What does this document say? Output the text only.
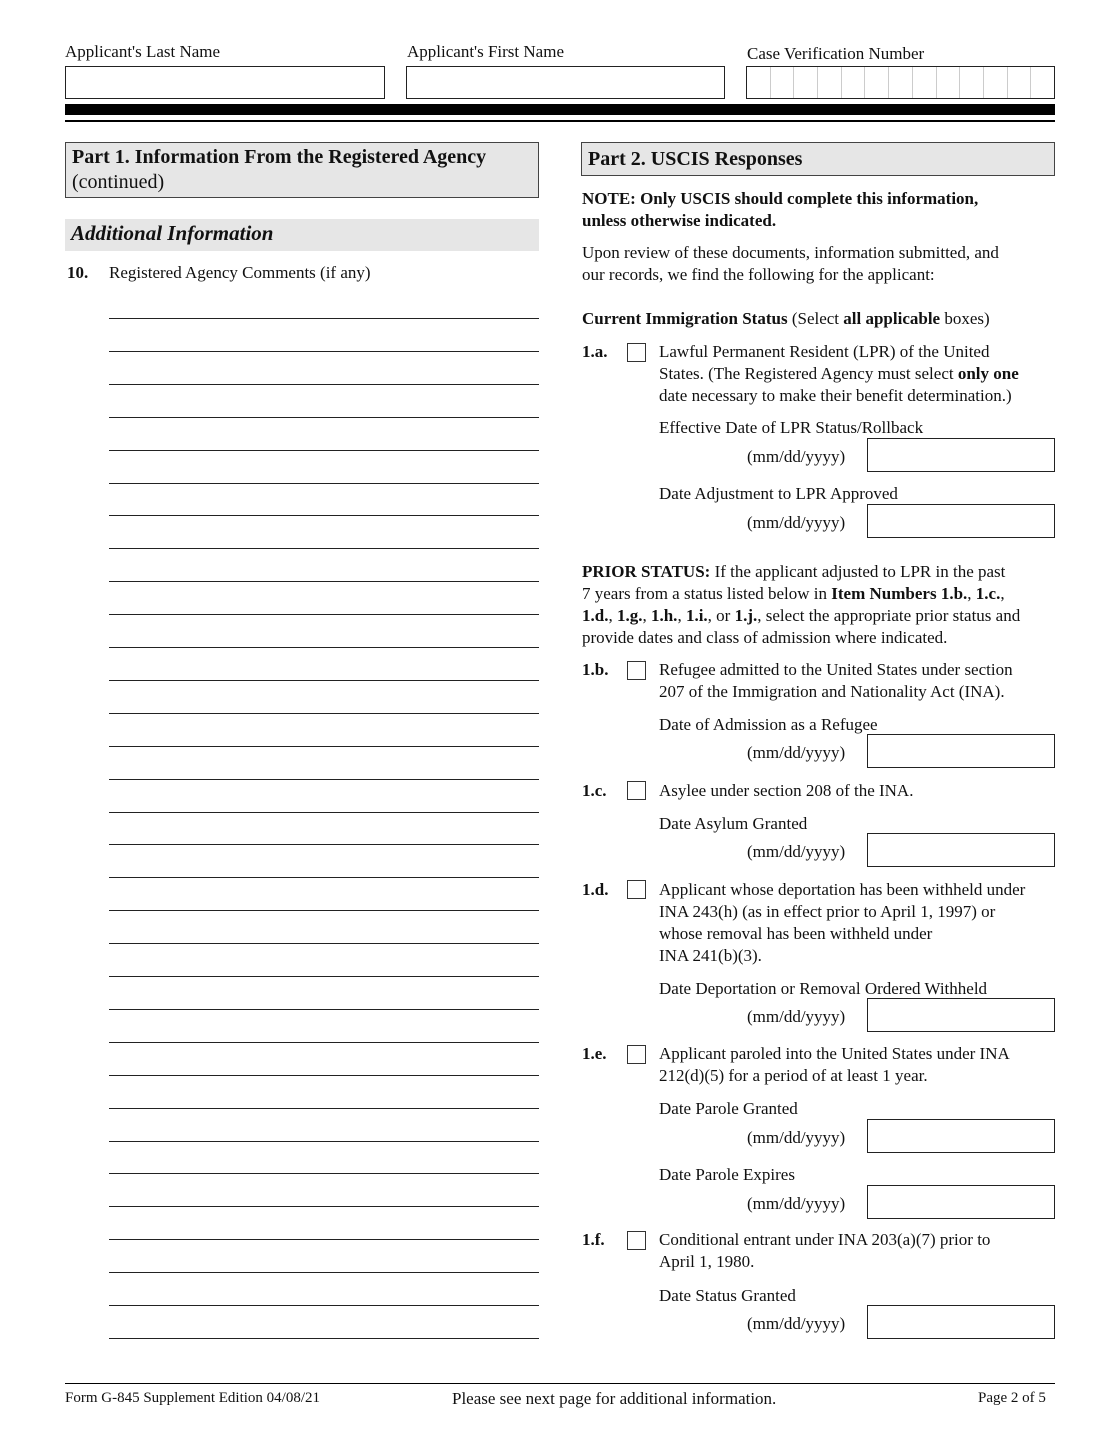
Applicant's Last Name	Applicant's First Name	Case Verification Number
Part 1. Information From the Registered Agency
(continued)
Additional Information
10. Registered Agency Comments (if any)
Part 2. USCIS Responses
NOTE: Only USCIS should complete this information, unless otherwise indicated.
Upon review of these documents, information submitted, and
our records, we find the following for the applicant:
Current Immigration Status (Select all applicable boxes)
1.a.	Lawful Permanent Resident (LPR) of the United
States. (The Registered Agency must select only one
date necessary to make their benefit determination.)
Effective Date of LPR Status/Rollback
(mm/dd/yyyy)
Date Adjustment to LPR Approved
(mm/dd/yyyy)
PRIOR STATUS: If the applicant adjusted to LPR in the past
7 years from a status listed below in Item Numbers 1.b., 1.c.,
1.d., 1.g., 1.h., 1.i., or 1.j., select the appropriate prior status and
provide dates and class of admission where indicated.
1.b.	Refugee admitted to the United States under section
207 of the Immigration and Nationality Act (INA).
Date of Admission as a Refugee
(mm/dd/yyyy)
1.c.	Asylee under section 208 of the INA.
Date Asylum Granted
(mm/dd/yyyy)
1.d.	Applicant whose deportation has been withheld under
INA 243(h) (as in effect prior to April 1, 1997) or
whose removal has been withheld under
INA 241(b)(3).
Date Deportation or Removal Ordered Withheld
(mm/dd/yyyy)
1.e.	Applicant paroled into the United States under INA
212(d)(5) for a period of at least 1 year.
Date Parole Granted
(mm/dd/yyyy)
Date Parole Expires
(mm/dd/yyyy)
1.f.	Conditional entrant under INA 203(a)(7) prior to
April 1, 1980.
Date Status Granted
(mm/dd/yyyy)
Form G-845 Supplement Edition 04/08/21	Please see next page for additional information.	Page 2 of 5
